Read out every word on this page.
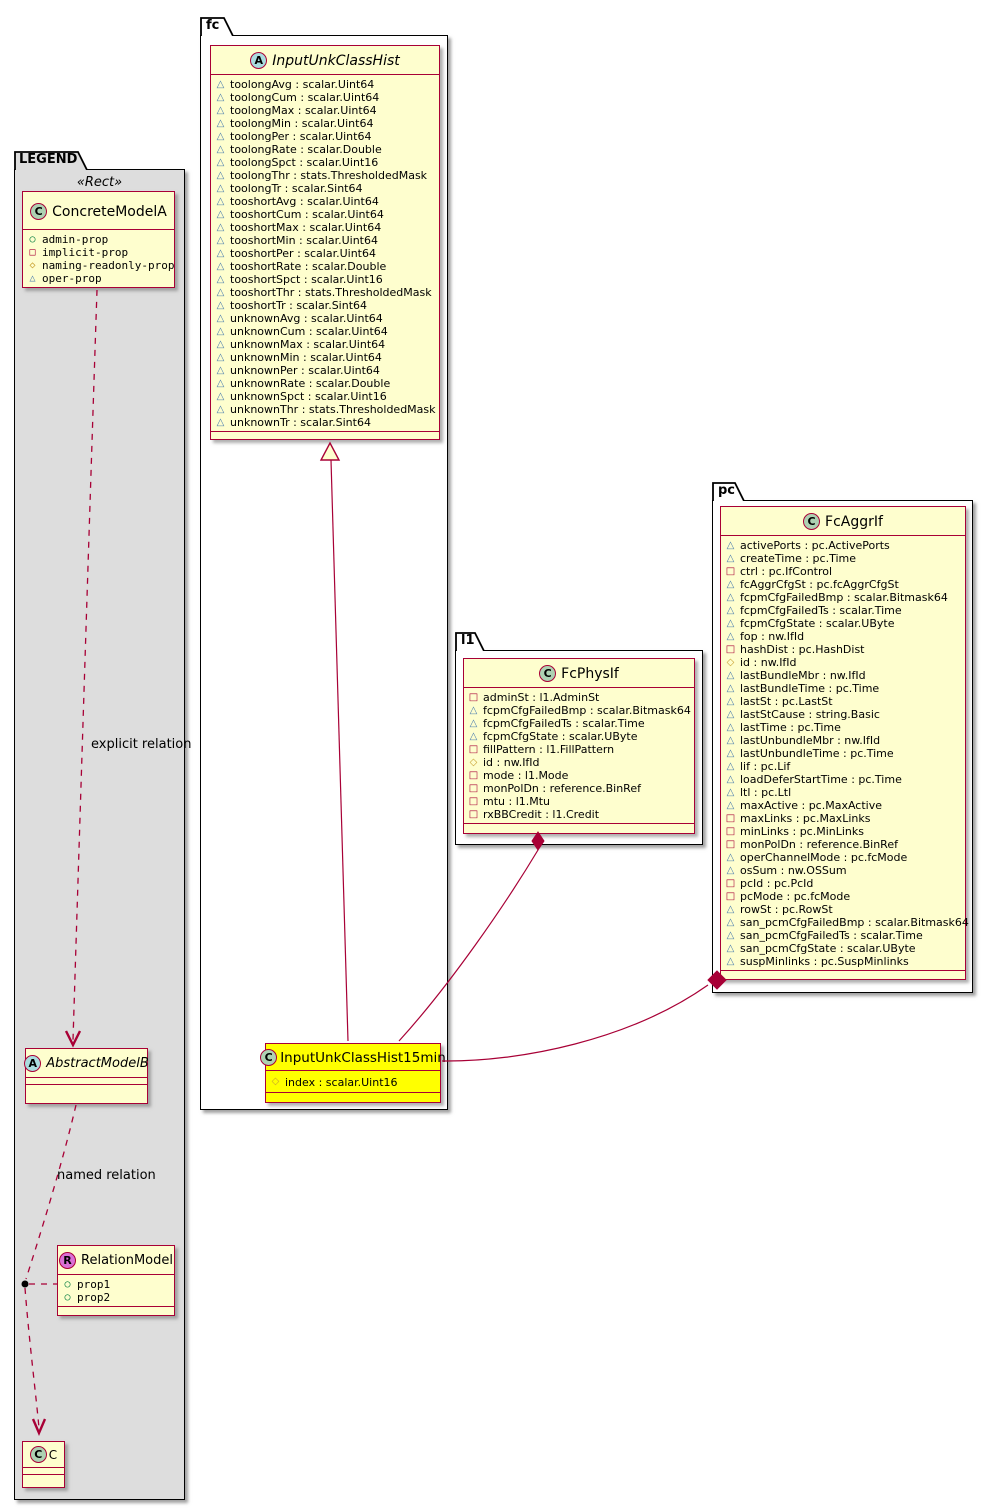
LEGEND
«Rect»
C ConcreteModelA
○ admin-prop
□ implicit-prop
◇ naming-readonly-prop
△ oper-prop
A AbstractModelB
R RelationModel
○ prop1
○ prop2
C C
explicit relation
named relation
fc
A InputUnkClassHist
△ toolongAvg : scalar.Uint64
△ toolongCum : scalar.Uint64
△ toolongMax : scalar.Uint64
△ toolongMin : scalar.Uint64
△ toolongPer : scalar.Uint64
△ toolongRate : scalar.Double
△ toolongSpct : scalar.Uint16
△ toolongThr : stats.ThresholdedMask
△ toolongTr : scalar.Sint64
△ tooshortAvg : scalar.Uint64
△ tooshortCum : scalar.Uint64
△ tooshortMax : scalar.Uint64
△ tooshortMin : scalar.Uint64
△ tooshortPer : scalar.Uint64
△ tooshortRate : scalar.Double
△ tooshortSpct : scalar.Uint16
△ tooshortThr : stats.ThresholdedMask
△ tooshortTr : scalar.Sint64
△ unknownAvg : scalar.Uint64
△ unknownCum : scalar.Uint64
△ unknownMax : scalar.Uint64
△ unknownMin : scalar.Uint64
△ unknownPer : scalar.Uint64
△ unknownRate : scalar.Double
△ unknownSpct : scalar.Uint16
△ unknownThr : stats.ThresholdedMask
△ unknownTr : scalar.Sint64
C InputUnkClassHist15min
◇ index : scalar.Uint16
l1
C FcPhysIf
□ adminSt : l1.AdminSt
△ fcpmCfgFailedBmp : scalar.Bitmask64
△ fcpmCfgFailedTs : scalar.Time
△ fcpmCfgState : scalar.UByte
□ fillPattern : l1.FillPattern
◇ id : nw.IfId
□ mode : l1.Mode
□ monPolDn : reference.BinRef
□ mtu : l1.Mtu
□ rxBBCredit : l1.Credit
pc
C FcAggrIf
△ activePorts : pc.ActivePorts
△ createTime : pc.Time
□ ctrl : pc.IfControl
△ fcAggrCfgSt : pc.fcAggrCfgSt
△ fcpmCfgFailedBmp : scalar.Bitmask64
△ fcpmCfgFailedTs : scalar.Time
△ fcpmCfgState : scalar.UByte
△ fop : nw.IfId
□ hashDist : pc.HashDist
◇ id : nw.IfId
△ lastBundleMbr : nw.IfId
△ lastBundleTime : pc.Time
△ lastSt : pc.LastSt
△ lastStCause : string.Basic
△ lastTime : pc.Time
△ lastUnbundleMbr : nw.IfId
△ lastUnbundleTime : pc.Time
△ lif : pc.Lif
△ loadDeferStartTime : pc.Time
△ ltl : pc.Ltl
△ maxActive : pc.MaxActive
□ maxLinks : pc.MaxLinks
□ minLinks : pc.MinLinks
□ monPolDn : reference.BinRef
△ operChannelMode : pc.fcMode
△ osSum : nw.OSSum
□ pcId : pc.PcId
□ pcMode : pc.fcMode
△ rowSt : pc.RowSt
△ san_pcmCfgFailedBmp : scalar.Bitmask64
△ san_pcmCfgFailedTs : scalar.Time
△ san_pcmCfgState : scalar.UByte
△ suspMinlinks : pc.SuspMinlinks
